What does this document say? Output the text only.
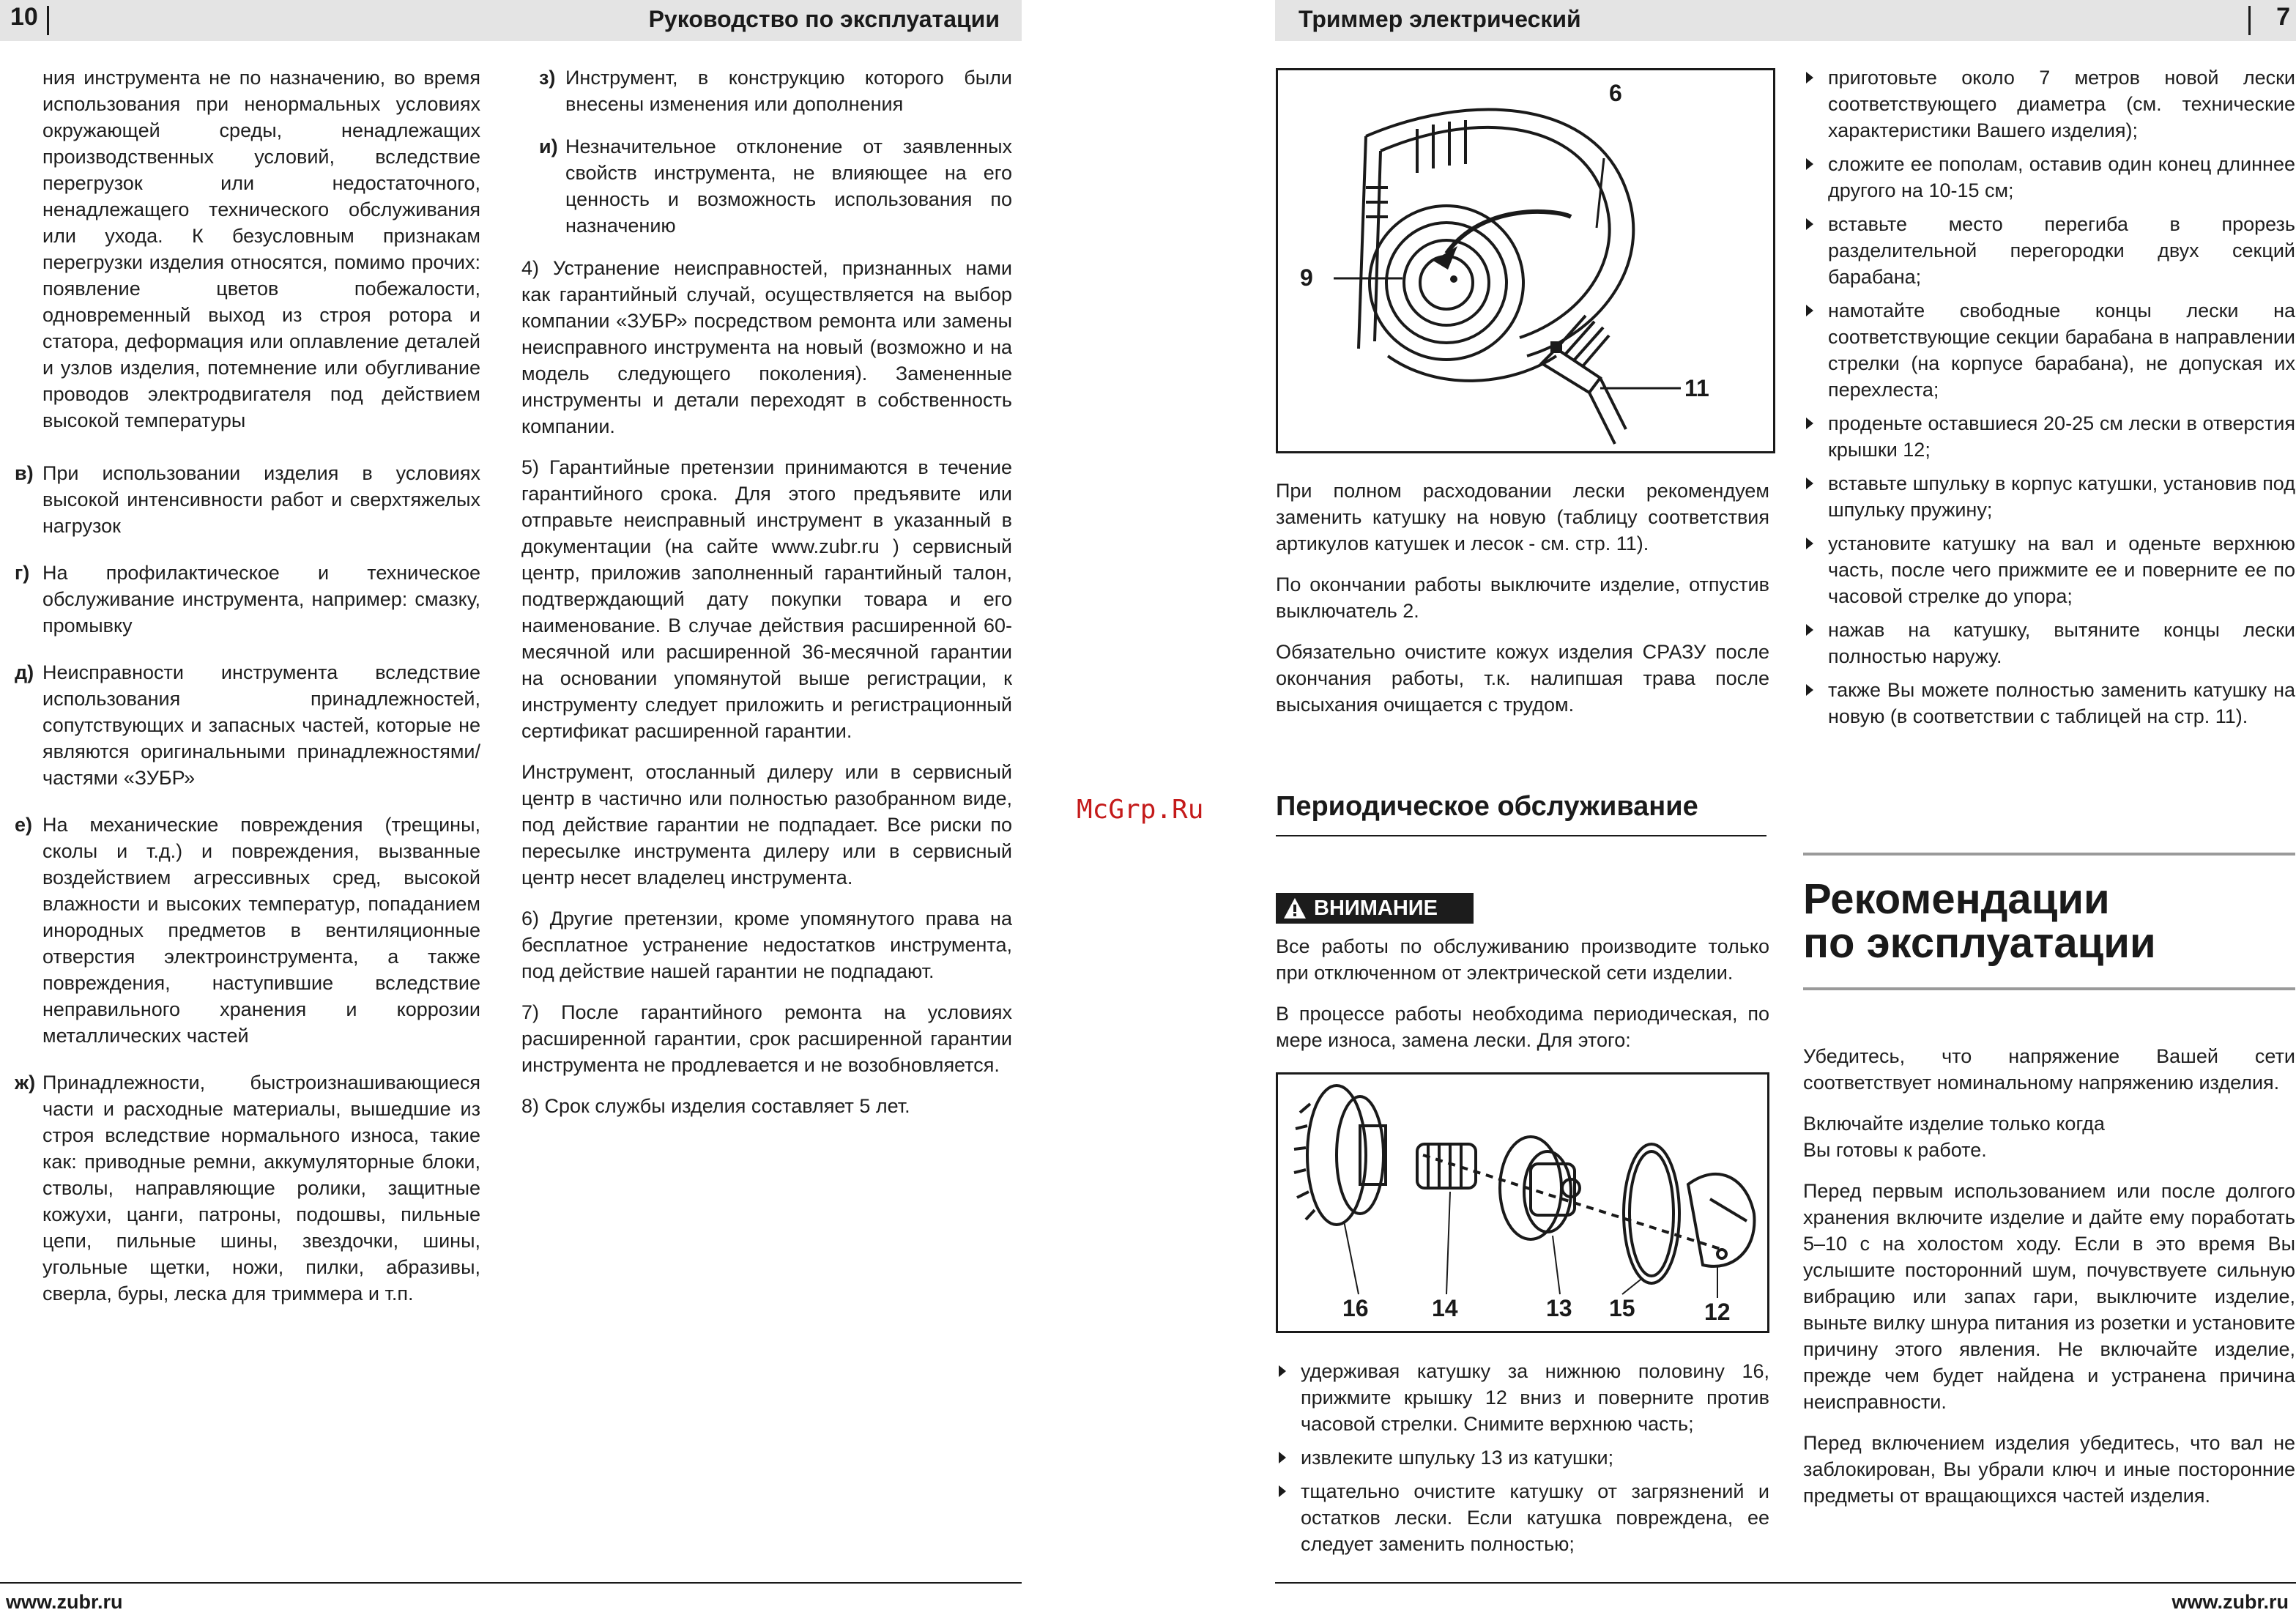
10	Руководство по эксплуатации	Триммер электрический	7

ния инструмента не по назначению, во время использования при ненормальных условиях окружающей среды, ненадлежащих производственных условий, вследствие перегрузок или недостаточного, ненадлежащего технического обслуживания или ухода. К безусловным признакам перегрузки изделия относятся, помимо прочих: появление цветов побежалости, одновременный выход из строя ротора и статора, деформация или оплавление деталей и узлов изделия, потемнение или обугливание проводов электродвигателя под действием высокой температуры

в) При использовании изделия в условиях высокой интенсивности работ и сверхтяжелых нагрузок
г) На профилактическое и техническое обслуживание инструмента, например: смазку, промывку
д) Неисправности инструмента вследствие использования принадлежностей, сопутствующих и запасных частей, которые не являются оригинальными принадлежностями/частями «ЗУБР»
е) На механические повреждения (трещины, сколы и т.д.) и повреждения, вызванные воздействием агрессивных сред, высокой влажности и высоких температур, попаданием инородных предметов в вентиляционные отверстия электроинструмента, а также повреждения, наступившие вследствие неправильного хранения и коррозии металлических частей
ж) Принадлежности, быстроизнашивающиеся части и расходные материалы, вышедшие из строя вследствие нормального износа, такие как: приводные ремни, аккумуляторные блоки, стволы, направляющие ролики, защитные кожухи, цанги, патроны, подошвы, пильные цепи, пильные шины, звездочки, шины, угольные щетки, ножи, пилки, абразивы, сверла, буры, леска для триммера и т.п.
з) Инструмент, в конструкцию которого были внесены изменения или дополнения
и) Незначительное отклонение от заявленных свойств инструмента, не влияющее на его ценность и возможность использования по назначению

4) Устранение неисправностей, признанных нами как гарантийный случай, осуществляется на выбор компании «ЗУБР» посредством ремонта или замены неисправного инструмента на новый (возможно и на модель следующего поколения). Замененные инструменты и детали переходят в собственность компании.

5) Гарантийные претензии принимаются в течение гарантийного срока. Для этого предъявите или отправьте неисправный инструмент в указанный в документации (на сайте www.zubr.ru ) сервисный центр, приложив заполненный гарантийный талон, подтверждающий дату покупки товара и его наименование. В случае действия расширенной 60-месячной или расширенной 36-месячной гарантии на основании упомянутой выше регистрации, к инструменту следует приложить и регистрационный сертификат расширенной гарантии.

Инструмент, отосланный дилеру или в сервисный центр в частично или полностью разобранном виде, под действие гарантии не подпадает. Все риски по пересылке инструмента дилеру или в сервисный центр несет владелец инструмента.

6) Другие претензии, кроме упомянутого права на бесплатное устранение недостатков инструмента, под действие нашей гарантии не подпадают.

7) После гарантийного ремонта на условиях расширенной гарантии, срок расширенной гарантии инструмента не продлевается и не возобновляется.

8) Срок службы изделия составляет 5 лет.

McGrp.Ru
6
9
11

При полном расходовании лески рекомендуем заменить катушку на новую (таблицу соответствия артикулов катушек и лесок - см. стр. 11).

По окончании работы выключите изделие, отпустив выключатель 2.

Обязательно очистите кожух изделия СРАЗУ после окончания работы, т.к. налипшая трава после высыхания очищается с трудом.

Периодическое обслуживание
ВНИМАНИЕ

Все работы по обслуживанию производите только при отключенном от электрической сети изделии.

В процессе работы необходима периодическая, по мере износа, замена лески. Для этого:

16	14	13 15	12
удерживая катушку за нижнюю половину 16, прижмите крышку 12 вниз и поверните против часовой стрелки. Снимите верхнюю часть;
извлеките шпульку 13 из катушки;
тщательно очистите катушку от загрязнений и остатков лески. Если катушка повреждена, ее следует заменить полностью;
приготовьте около 7 метров новой лески соответствующего диаметра (см. технические характеристики Вашего изделия);
сложите ее пополам, оставив один конец длиннее другого на 10-15 см;
вставьте место перегиба в прорезь разделительной перегородки двух секций барабана;
намотайте свободные концы лески на соответствующие секции барабана в направлении стрелки (на корпусе барабана), не допуская их перехлеста;
проденьте оставшиеся 20-25 см лески в отверстия крышки 12;
вставьте шпульку в корпус катушки, установив под шпульку пружину;
установите катушку на вал и оденьте верхнюю часть, после чего прижмите ее и поверните ее по часовой стрелке до упора;
нажав на катушку, вытяните концы лески полностью наружу.
также Вы можете полностью заменить катушку на новую (в соответствии с таблицей на стр. 11).
Рекомендации
по эксплуатации

Убедитесь, что напряжение Вашей сети соответствует номинальному напряжению изделия.

Включайте изделие только когда

Вы готовы к работе.

Перед первым использованием или после долгого хранения включите изделие и дайте ему поработать 5–10 с на холостом ходу. Если в это время Вы услышите посторонний шум, почувствуете сильную вибрацию или запах гари, выключите изделие, выньте вилку шнура питания из розетки и установите причину этого явления. Не включайте изделие, прежде чем будет найдена и устранена причина неисправности.

Перед включением изделия убедитесь, что вал не заблокирован, Вы убрали ключ и иные посторонние предметы от вращающихся частей изделия.

www.zubr.ru	www.zubr.ru
